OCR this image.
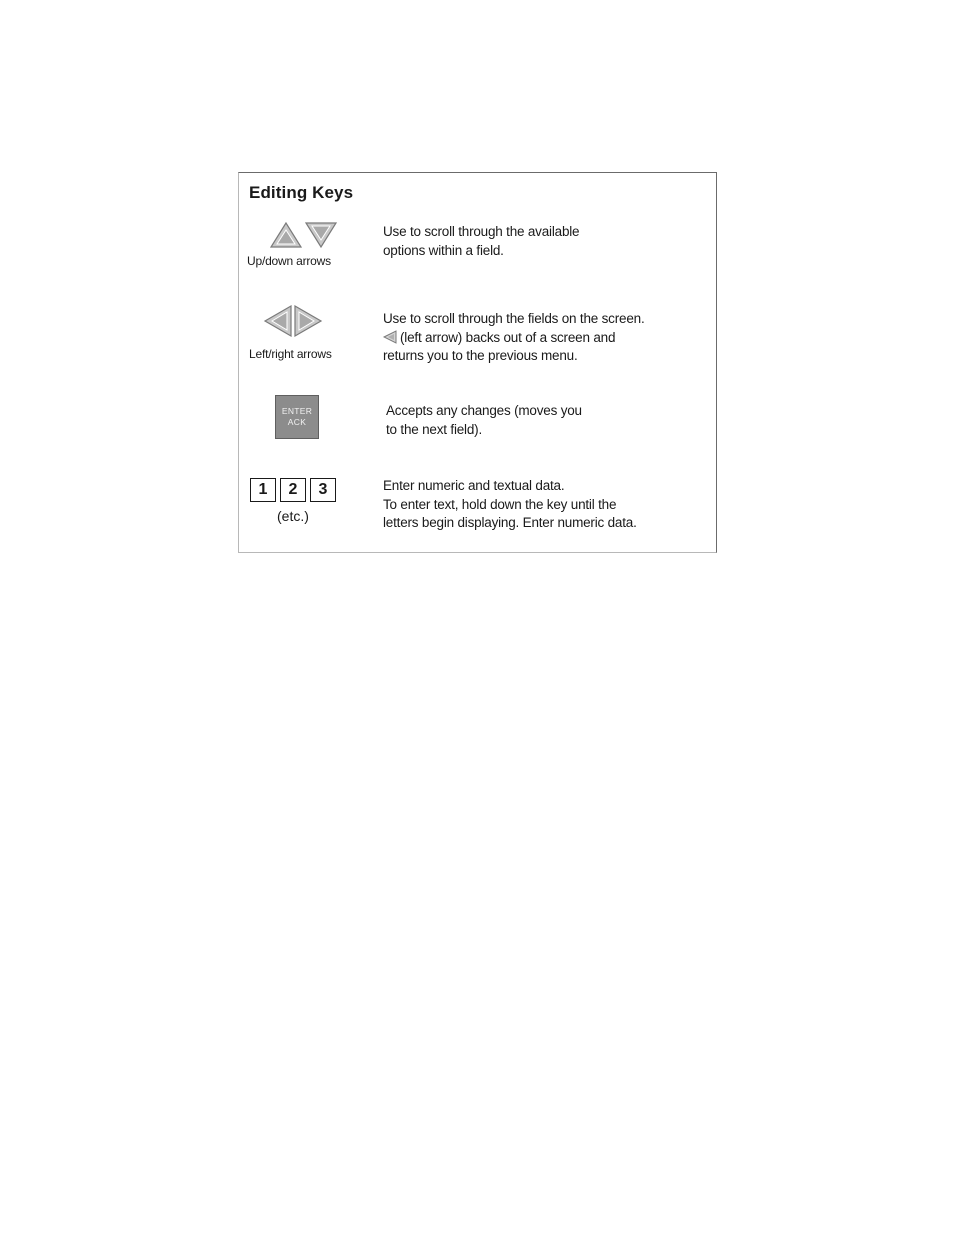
Editing Keys
Up/down arrows
Use to scroll through the available
options within a field.
Left/right arrows
Use to scroll through the fields on the screen.
(left arrow) backs out of a screen and
returns you to the previous menu.
ENTER
ACK
Accepts any changes (moves you
to the next field).
1	2	3
(etc.)
Enter numeric and textual data.
To enter text, hold down the key until the
letters begin displaying. Enter numeric data.
